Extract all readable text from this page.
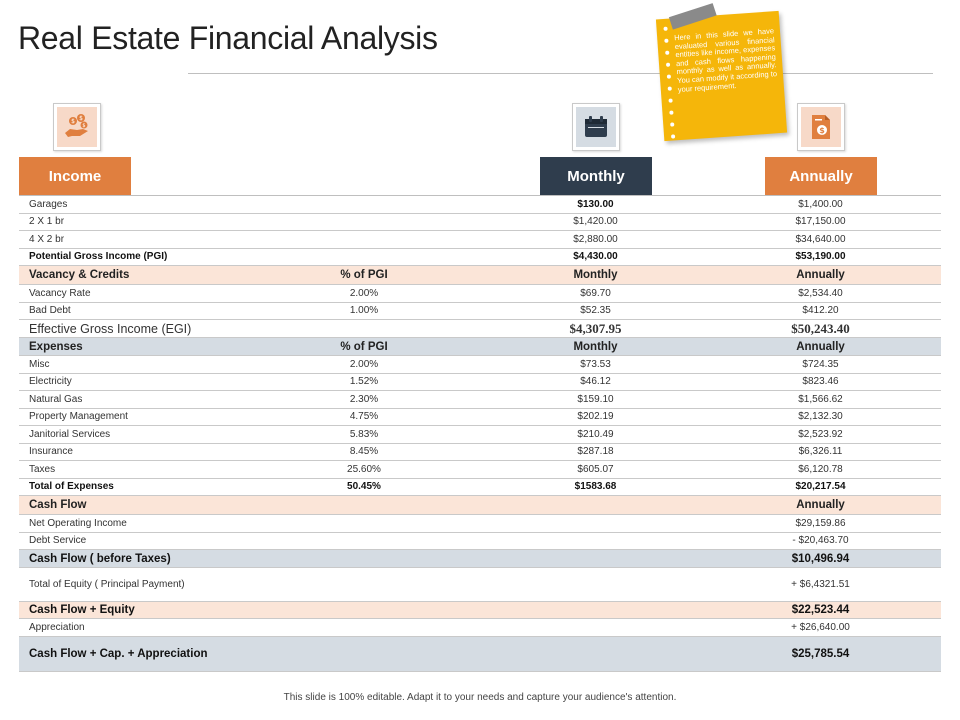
Real Estate Financial Analysis	Here in this slide we have evaluated various financial entities like income, expenses and cash flows happening monthly as well as annually. You can modify it according to your requirement.
$ $
$	$
Income	Monthly	Annually
Garages	$130.00	$1,400.00
2 X 1 br	$1,420.00	$17,150.00
4 X 2 br	$2,880.00	$34,640.00
Potential Gross Income (PGI)	$4,430.00	$53,190.00
Vacancy & Credits	% of PGI	Monthly	Annually
Vacancy Rate	2.00%	$69.70	$2,534.40
Bad Debt	1.00%	$52.35	$412.20
Effective Gross Income (EGI)	$4,307.95	$50,243.40
Expenses	% of PGI	Monthly	Annually
Misc	2.00%	$73.53	$724.35
Electricity	1.52%	$46.12	$823.46
Natural Gas	2.30%	$159.10	$1,566.62
Property Management	4.75%	$202.19	$2,132.30
Janitorial Services	5.83%	$210.49	$2,523.92
Insurance	8.45%	$287.18	$6,326.11
Taxes	25.60%	$605.07	$6,120.78
Total of Expenses	50.45%	$1583.68	$20,217.54
Cash Flow	Annually
Net Operating Income	$29,159.86
Debt Service	- $20,463.70
Cash Flow ( before Taxes)	$10,496.94
Total of Equity ( Principal Payment)	+ $6,4321.51
Cash Flow + Equity	$22,523.44
Appreciation	+ $26,640.00
Cash Flow + Cap. + Appreciation	$25,785.54
This slide is 100% editable. Adapt it to your needs and capture your audience's attention.
